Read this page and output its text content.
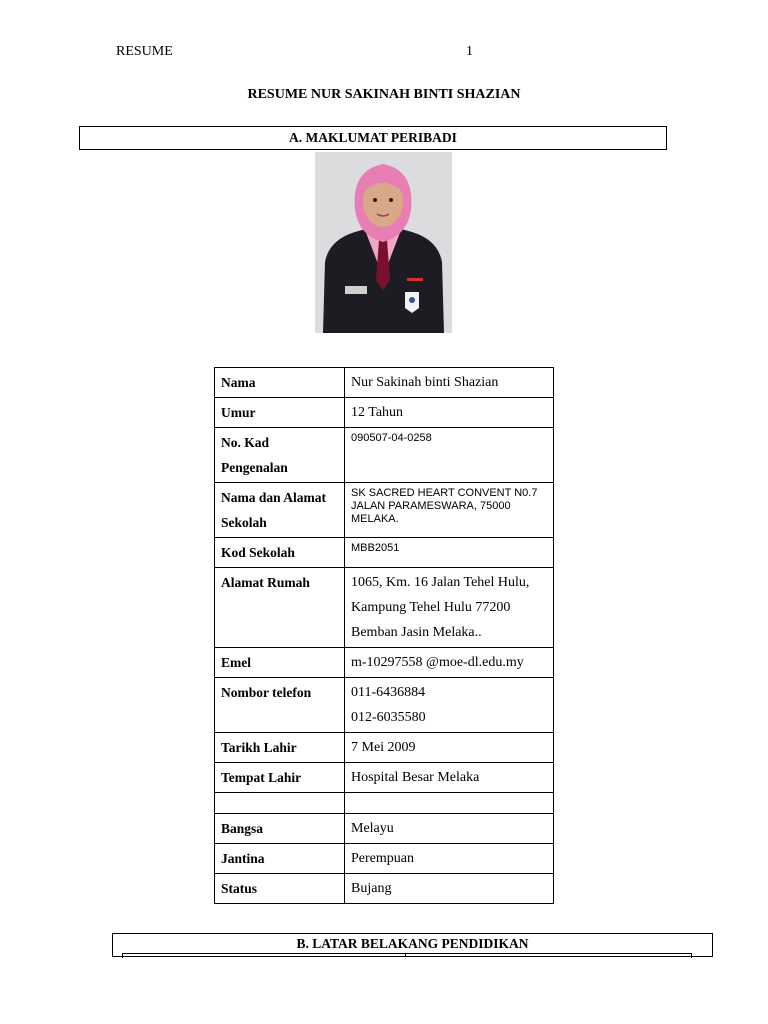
RESUME	1
RESUME NUR SAKINAH BINTI SHAZIAN
A. MAKLUMAT PERIBADI
Nama	Nur Sakinah binti Shazian
Umur	12 Tahun
No. Kad Pengenalan	090507-04-0258
Nama dan Alamat Sekolah	SK SACRED HEART CONVENT N0.7 JALAN PARAMESWARA, 75000 MELAKA.
Kod Sekolah	MBB2051
Alamat Rumah	1065, Km. 16 Jalan Tehel Hulu, Kampung Tehel Hulu 77200 Bemban Jasin Melaka..
Emel	m-10297558 @moe-dl.edu.my
Nombor telefon	011-6436884
012-6035580

Tarikh Lahir	7 Mei 2009
Tempat Lahir	Hospital Besar Melaka

Bangsa	Melayu
Jantina	Perempuan
Status	Bujang
B. LATAR BELAKANG PENDIDIKAN
